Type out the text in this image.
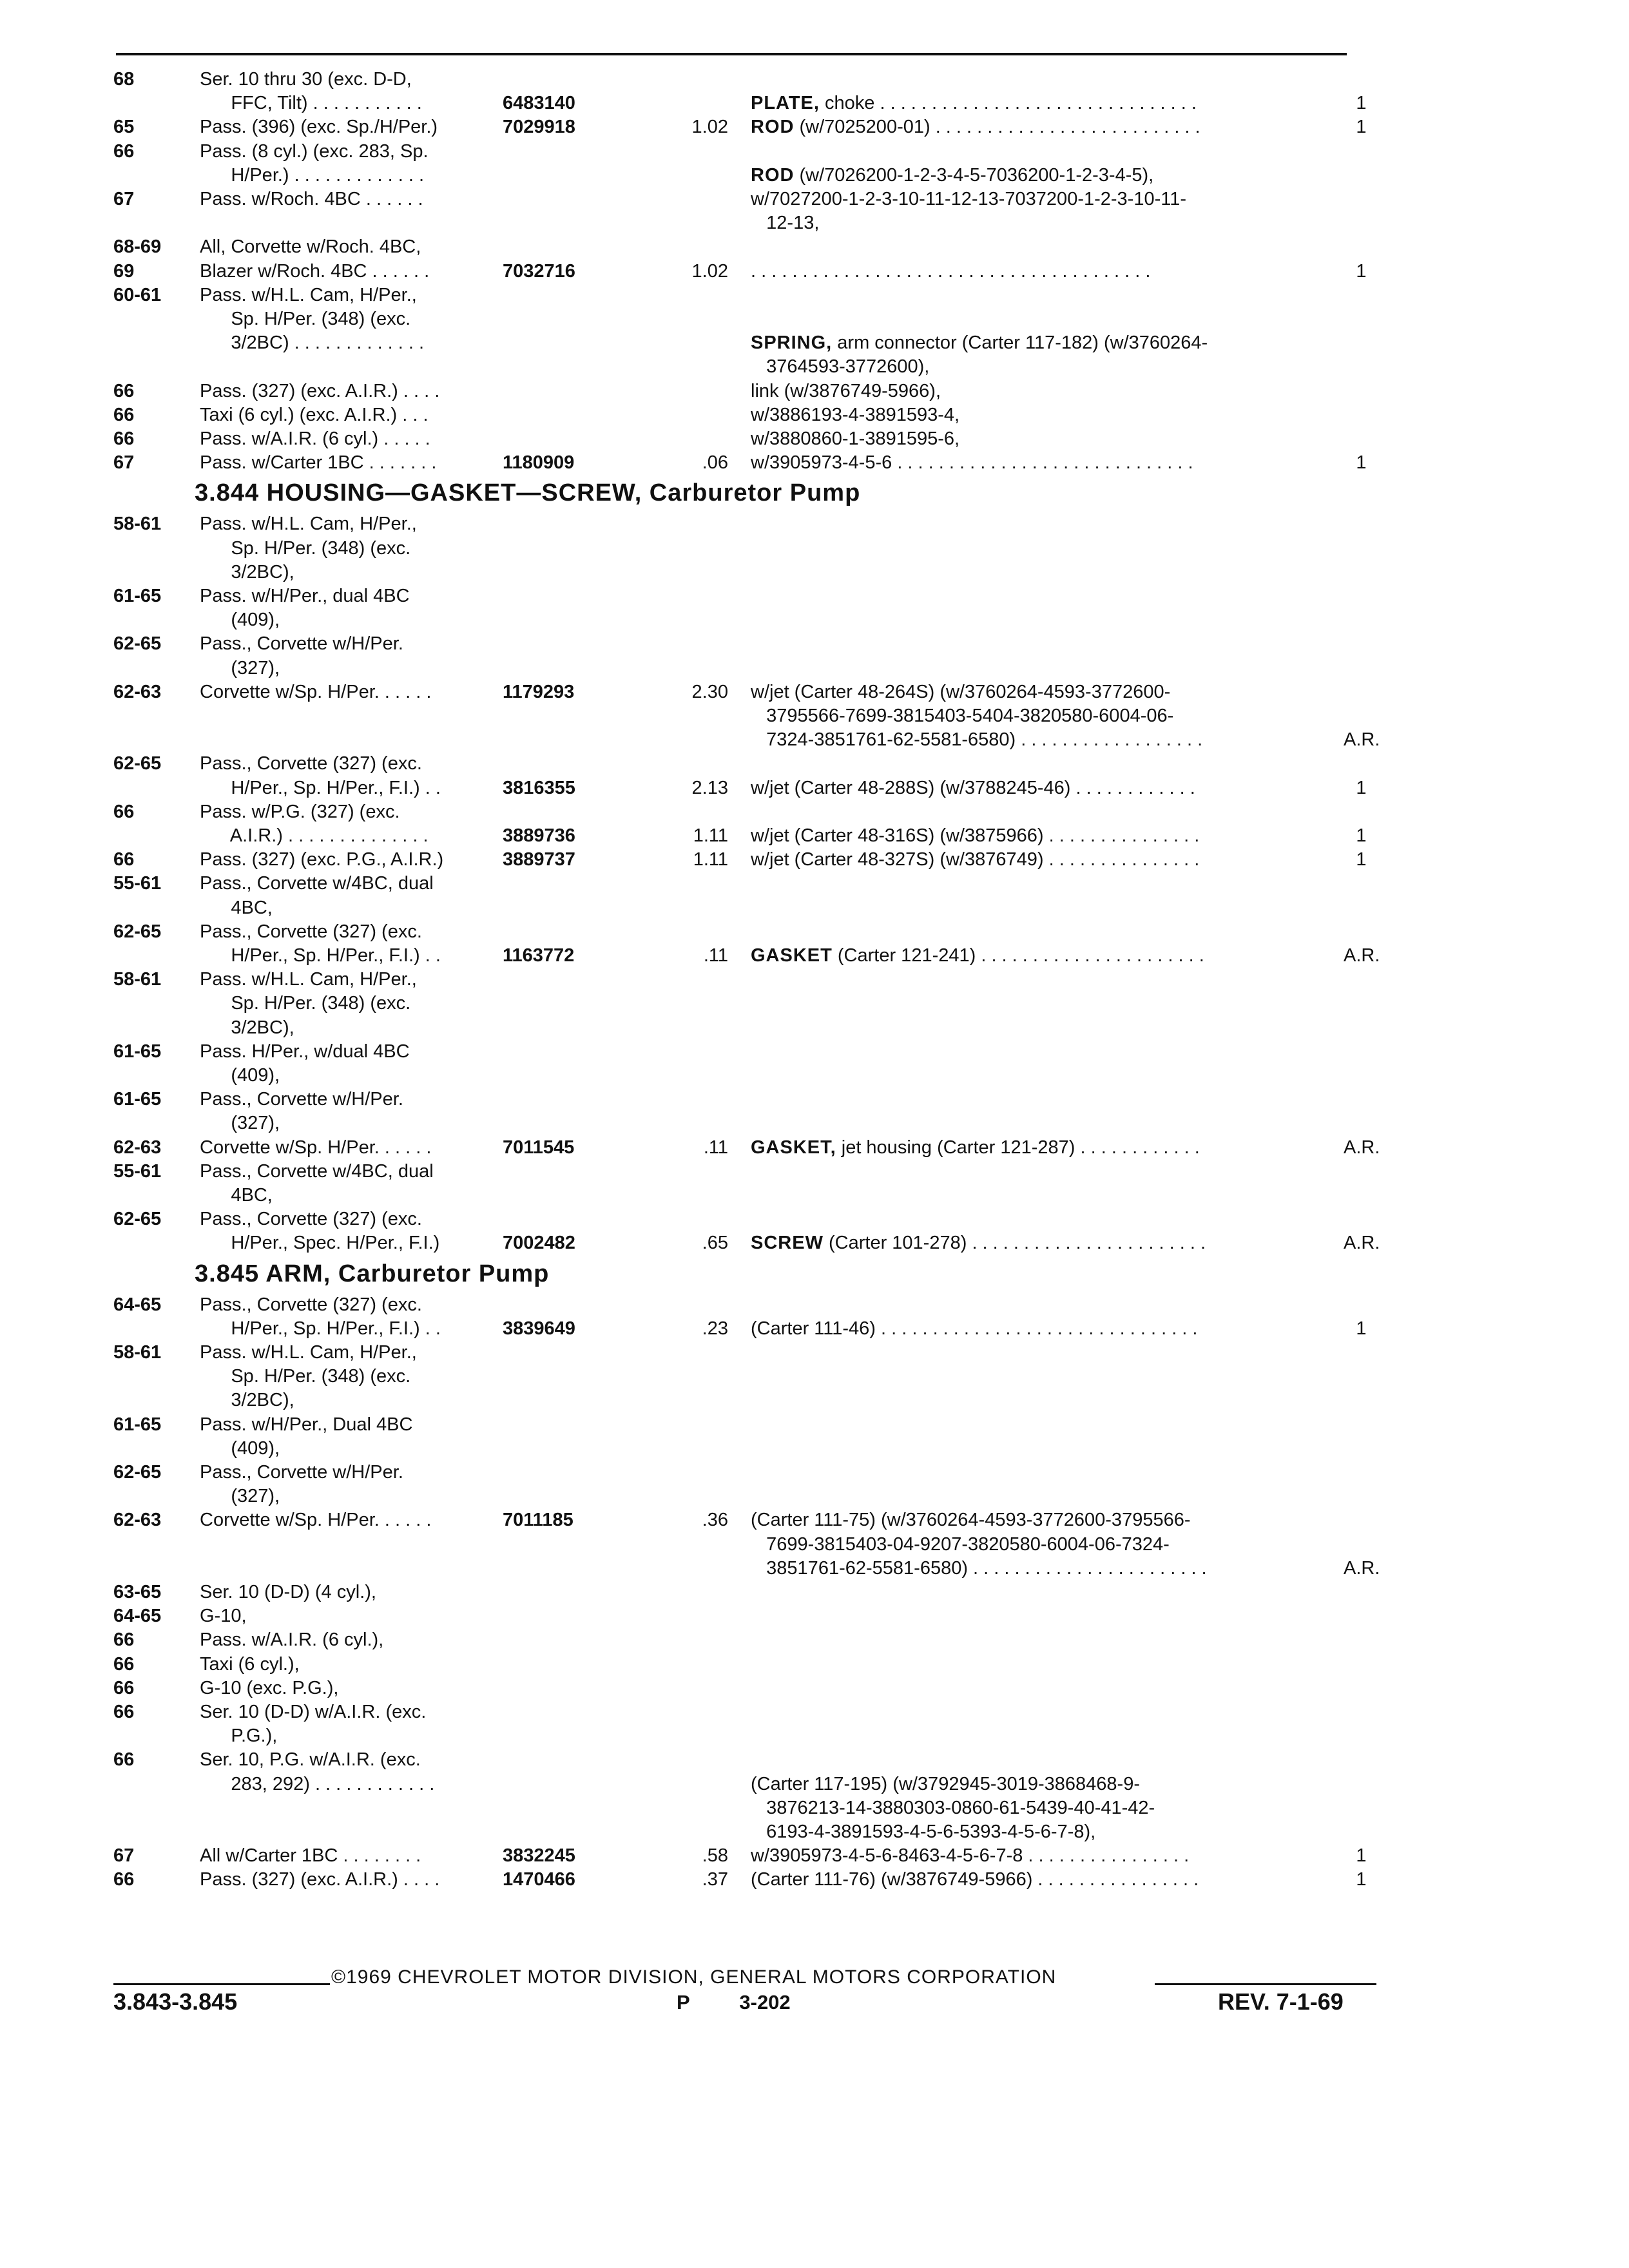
68	Ser. 10 thru 30 (exc. D-D,
FFC, Tilt) . . . . . . . . . . .	6483140	PLATE, choke . . . . . . . . . . . . . . . . . . . . . . . . . . . . . . .	1
65	Pass. (396) (exc. Sp./H/Per.)	7029918	1.02 ROD (w/7025200-01) . . . . . . . . . . . . . . . . . . . . . . . . . .	1
66	Pass. (8 cyl.) (exc. 283, Sp.
H/Per.) . . . . . . . . . . . . .	ROD (w/7026200-1-2-3-4-5-7036200-1-2-3-4-5),
67	Pass. w/Roch. 4BC . . . . . .	w/7027200-1-2-3-10-11-12-13-7037200-1-2-3-10-11-
12-13,
68-69 All, Corvette w/Roch. 4BC,
69	Blazer w/Roch. 4BC . . . . . .	7032716	1.02 . . . . . . . . . . . . . . . . . . . . . . . . . . . . . . . . . . . . . . .	1
60-61 Pass. w/H.L. Cam, H/Per.,
Sp. H/Per. (348) (exc.
3/2BC) . . . . . . . . . . . . .	SPRING, arm connector (Carter 117-182) (w/3760264-
3764593-3772600),
66	Pass. (327) (exc. A.I.R.) . . . .	link (w/3876749-5966),
66	Taxi (6 cyl.) (exc. A.I.R.) . . .	w/3886193-4-3891593-4,
66	Pass. w/A.I.R. (6 cyl.) . . . . .	w/3880860-1-3891595-6,
67	Pass. w/Carter 1BC . . . . . . .	1180909	.06 w/3905973-4-5-6 . . . . . . . . . . . . . . . . . . . . . . . . . . . . .	1
3.844 HOUSING—GASKET—SCREW, Carburetor Pump
58-61 Pass. w/H.L. Cam, H/Per.,
Sp. H/Per. (348) (exc.
3/2BC),
61-65 Pass. w/H/Per., dual 4BC
(409),
62-65 Pass., Corvette w/H/Per.
(327),
62-63 Corvette w/Sp. H/Per. . . . . .	1179293	2.30 w/jet (Carter 48-264S) (w/3760264-4593-3772600-
3795566-7699-3815403-5404-3820580-6004-06-
7324-3851761-62-5581-6580) . . . . . . . . . . . . . . . . . .	A.R.
62-65 Pass., Corvette (327) (exc.
H/Per., Sp. H/Per., F.I.) . .	3816355	2.13 w/jet (Carter 48-288S) (w/3788245-46) . . . . . . . . . . . .	1
66	Pass. w/P.G. (327) (exc.
A.I.R.) . . . . . . . . . . . . . .	3889736	1.11 w/jet (Carter 48-316S) (w/3875966) . . . . . . . . . . . . . . .	1
66	Pass. (327) (exc. P.G., A.I.R.)	3889737	1.11 w/jet (Carter 48-327S) (w/3876749) . . . . . . . . . . . . . . .	1
55-61 Pass., Corvette w/4BC, dual
4BC,
62-65 Pass., Corvette (327) (exc.
H/Per., Sp. H/Per., F.I.) . .	1163772	.11 GASKET (Carter 121-241) . . . . . . . . . . . . . . . . . . . . . .	A.R.
58-61 Pass. w/H.L. Cam, H/Per.,
Sp. H/Per. (348) (exc.
3/2BC),
61-65 Pass. H/Per., w/dual 4BC
(409),
61-65 Pass., Corvette w/H/Per.
(327),
62-63 Corvette w/Sp. H/Per. . . . . .	7011545	.11 GASKET, jet housing (Carter 121-287) . . . . . . . . . . . .	A.R.
55-61 Pass., Corvette w/4BC, dual
4BC,
62-65 Pass., Corvette (327) (exc.
H/Per., Spec. H/Per., F.I.)	7002482	.65 SCREW (Carter 101-278) . . . . . . . . . . . . . . . . . . . . . . .	A.R.
3.845 ARM, Carburetor Pump
64-65 Pass., Corvette (327) (exc.
H/Per., Sp. H/Per., F.I.) . .	3839649	.23 (Carter 111-46) . . . . . . . . . . . . . . . . . . . . . . . . . . . . . . .	1
58-61 Pass. w/H.L. Cam, H/Per.,
Sp. H/Per. (348) (exc.
3/2BC),
61-65 Pass. w/H/Per., Dual 4BC
(409),
62-65 Pass., Corvette w/H/Per.
(327),
62-63 Corvette w/Sp. H/Per. . . . . .	7011185	.36 (Carter 111-75) (w/3760264-4593-3772600-3795566-
7699-3815403-04-9207-3820580-6004-06-7324-
3851761-62-5581-6580) . . . . . . . . . . . . . . . . . . . . . . .	A.R.
63-65 Ser. 10 (D-D) (4 cyl.),
64-65 G-10,
66	Pass. w/A.I.R. (6 cyl.),
66	Taxi (6 cyl.),
66	G-10 (exc. P.G.),
66	Ser. 10 (D-D) w/A.I.R. (exc.
P.G.),
66	Ser. 10, P.G. w/A.I.R. (exc.
283, 292) . . . . . . . . . . . .	(Carter 117-195) (w/3792945-3019-3868468-9-
3876213-14-3880303-0860-61-5439-40-41-42-
6193-4-3891593-4-5-6-5393-4-5-6-7-8),
67	All w/Carter 1BC . . . . . . . .	3832245	.58 w/3905973-4-5-6-8463-4-5-6-7-8 . . . . . . . . . . . . . . . .	1
66	Pass. (327) (exc. A.I.R.) . . . .	1470466	.37 (Carter 111-76) (w/3876749-5966) . . . . . . . . . . . . . . . .	1
©1969 CHEVROLET MOTOR DIVISION, GENERAL MOTORS CORPORATION
3.843-3.845	P 3-202	REV. 7-1-69
